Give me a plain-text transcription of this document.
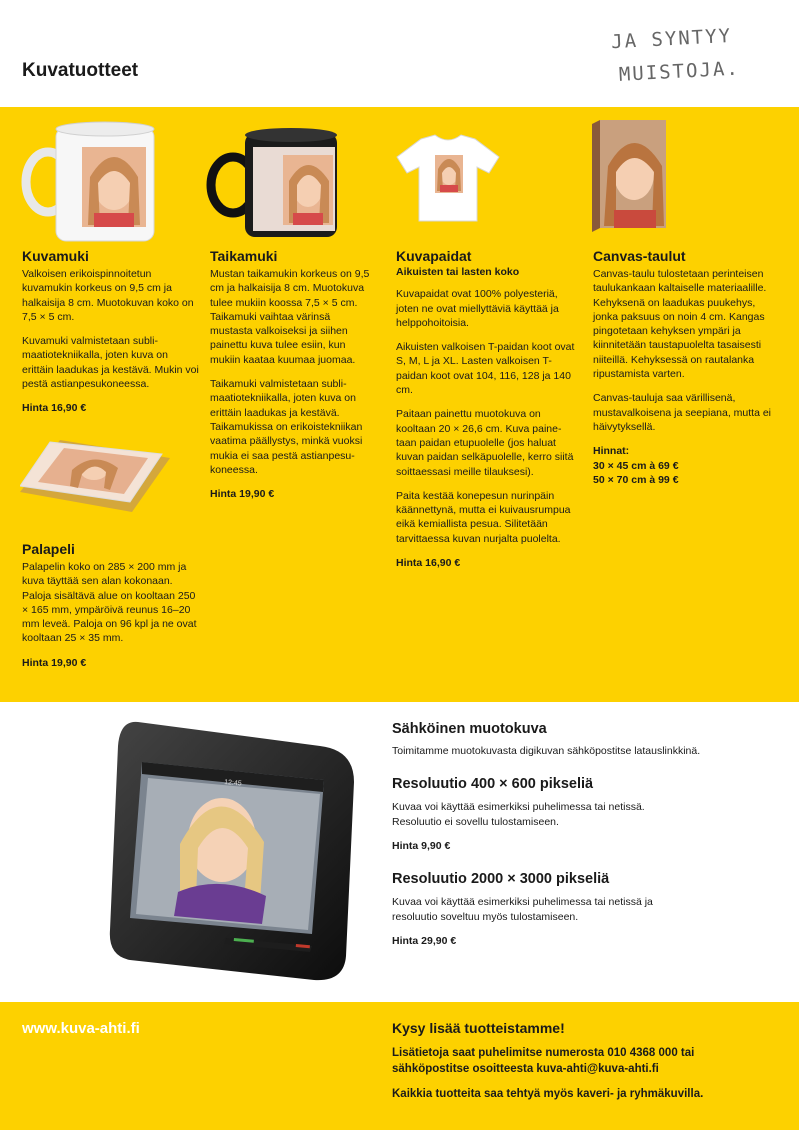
Kuvatuotteet
JA SYNTYY
MUISTOJA.
Kuvamuki

Valkoisen erikoispinnoitetun kuvamukin korkeus on 9,5 cm ja halkaisija 8 cm. Muotokuvan koko on 7,5 × 5 cm.

Kuvamuki valmistetaan sublimaatiotekniikalla, joten kuva on erittäin laadukas ja kestävä. Mukin voi pestä astianpesukoneessa.

Hinta 16,90 €

Palapeli

Palapelin koko on 285 × 200 mm ja kuva täyttää sen alan kokonaan. Paloja sisältävä alue on kooltaan 250 × 165 mm, ympäröivä reunus 16–20 mm leveä. Paloja on 96 kpl ja ne ovat kooltaan 25 × 35 mm.

Hinta 19,90 €

Taikamuki

Mustan taikamukin korkeus on 9,5 cm ja halkaisija 8 cm. Muotokuva tulee mukiin koossa 7,5 × 5 cm. Taikamuki vaihtaa värinsä mustasta valkoiseksi ja siihen painettu kuva tulee esiin, kun mukiin kaataa kuumaa juomaa.

Taikamuki valmistetaan sublimaatiotekniikalla, joten kuva on erittäin laadukas ja kestävä. Taikamukissa on erikoistekniikan vaatima päällystys, minkä vuoksi mukia ei saa pestä astianpesukoneessa.

Hinta 19,90 €

Kuvapaidat
Aikuisten tai lasten koko

Kuvapaidat ovat 100% polyesteriä, joten ne ovat miellyttäviä käyttää ja helppohoitoisia.

Aikuisten valkoisen T-paidan koot ovat S, M, L ja XL. Lasten valkoisen T-paidan koot ovat 104, 116, 128 ja 140 cm.

Paitaan painettu muotokuva on kooltaan 20 × 26,6 cm. Kuva painetaan paidan etupuolelle (jos haluat kuvan paidan selkäpuolelle, kerro siitä soittaessasi meille tilauksesi).

Paita kestää konepesun nurinpäin käännettynä, mutta ei kuivausrumpua eikä kemiallista pesua. Silitetään tarvittaessa kuvan nurjalta puolelta.

Hinta 16,90 €

Canvas-taulut

Canvas-taulu tulostetaan perinteisen taulukankaan kaltaiselle materiaalille. Kehyksenä on laadukas puukehys, jonka paksuus on noin 4 cm. Kangas pingotetaan kehyksen ympäri ja kiinnitetään taustapuolelta tasaisesti niiteillä. Kehyksessä on rautalanka ripustamista varten.

Canvas-tauluja saa värillisenä, mustavalkoisena ja seepiana, mutta ei häivytyksellä.

Hinnat:
30 × 45 cm à 69 €
50 × 70 cm à 99 €
12:45
Sähköinen muotokuva

Toimitamme muotokuvasta digikuvan sähköpostitse latauslinkkinä.

Resoluutio 400 × 600 pikseliä
Kuvaa voi käyttää esimerkiksi puhelimessa tai netissä.
Resoluutio ei sovellu tulostamiseen.

Hinta 9,90 €

Resoluutio 2000 × 3000 pikseliä
Kuvaa voi käyttää esimerkiksi puhelimessa tai netissä ja
resoluutio soveltuu myös tulostamiseen.

Hinta 29,90 €

www.kuva-ahti.fi	Kysy lisää tuotteistamme!

Lisätietoja saat puhelimitse numerosta 010 4368 000 tai
sähköpostitse osoitteesta kuva-ahti@kuva-ahti.fi

Kaikkia tuotteita saa tehtyä myös kaveri- ja ryhmäkuvilla.
